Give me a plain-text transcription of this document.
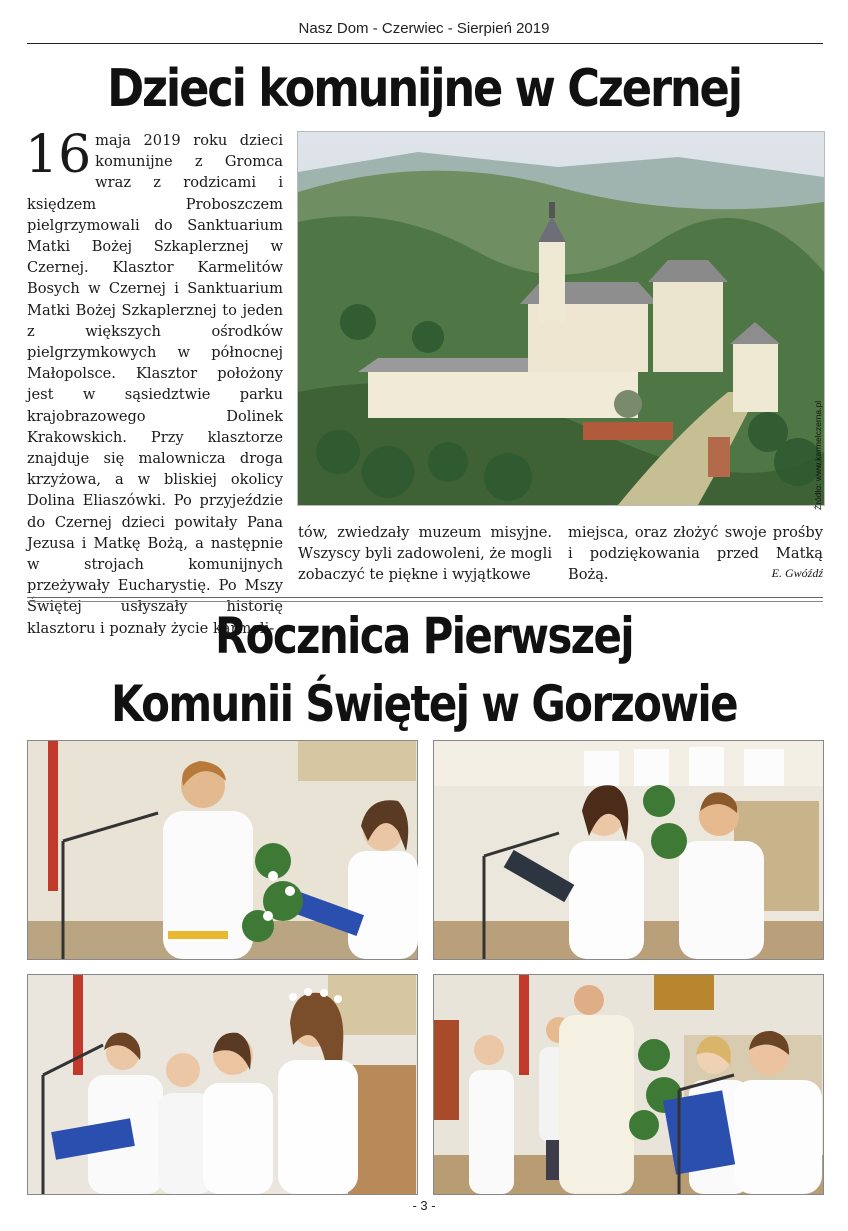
Nasz Dom - Czerwiec - Sierpień 2019
Dzieci komunijne w Czernej
16 maja 2019 roku dzieci komunijne z Gromca wraz z rodzicami i księdzem Proboszczem pielgrzymowali do Sanktuarium Matki Bożej Szkaplerznej w Czernej. Klasztor Karmelitów Bosych w Czernej i Sanktuarium Matki Bożej Szkaplerznej to jeden z większych ośrodków pielgrzymkowych w północnej Małopolsce. Klasztor położony jest w sąsiedztwie parku krajobrazowego Dolinek Krakowskich. Przy klasztorze znajduje się malownicza droga krzyżowa, a w bliskiej okolicy Dolina Eliaszówki. Po przyjeździe do Czernej dzieci powitały Pana Jezusa i Matkę Bożą, a następnie w strojach komunijnych przeżywały Eucharystię. Po Mszy Świętej usłyszały historię klasztoru i poznały życie karmeli-
Źródło: www.karmelczerna.pl
tów, zwiedzały muzeum misyjne. Wszyscy byli zadowoleni, że mogli zobaczyć te piękne i wyjątkowe
miejsca, oraz złożyć swoje prośby i podziękowania przed Matką Bożą.	E. Gwóźdź
Rocznica Pierwszej
Komunii Świętej w Gorzowie
- 3 -
